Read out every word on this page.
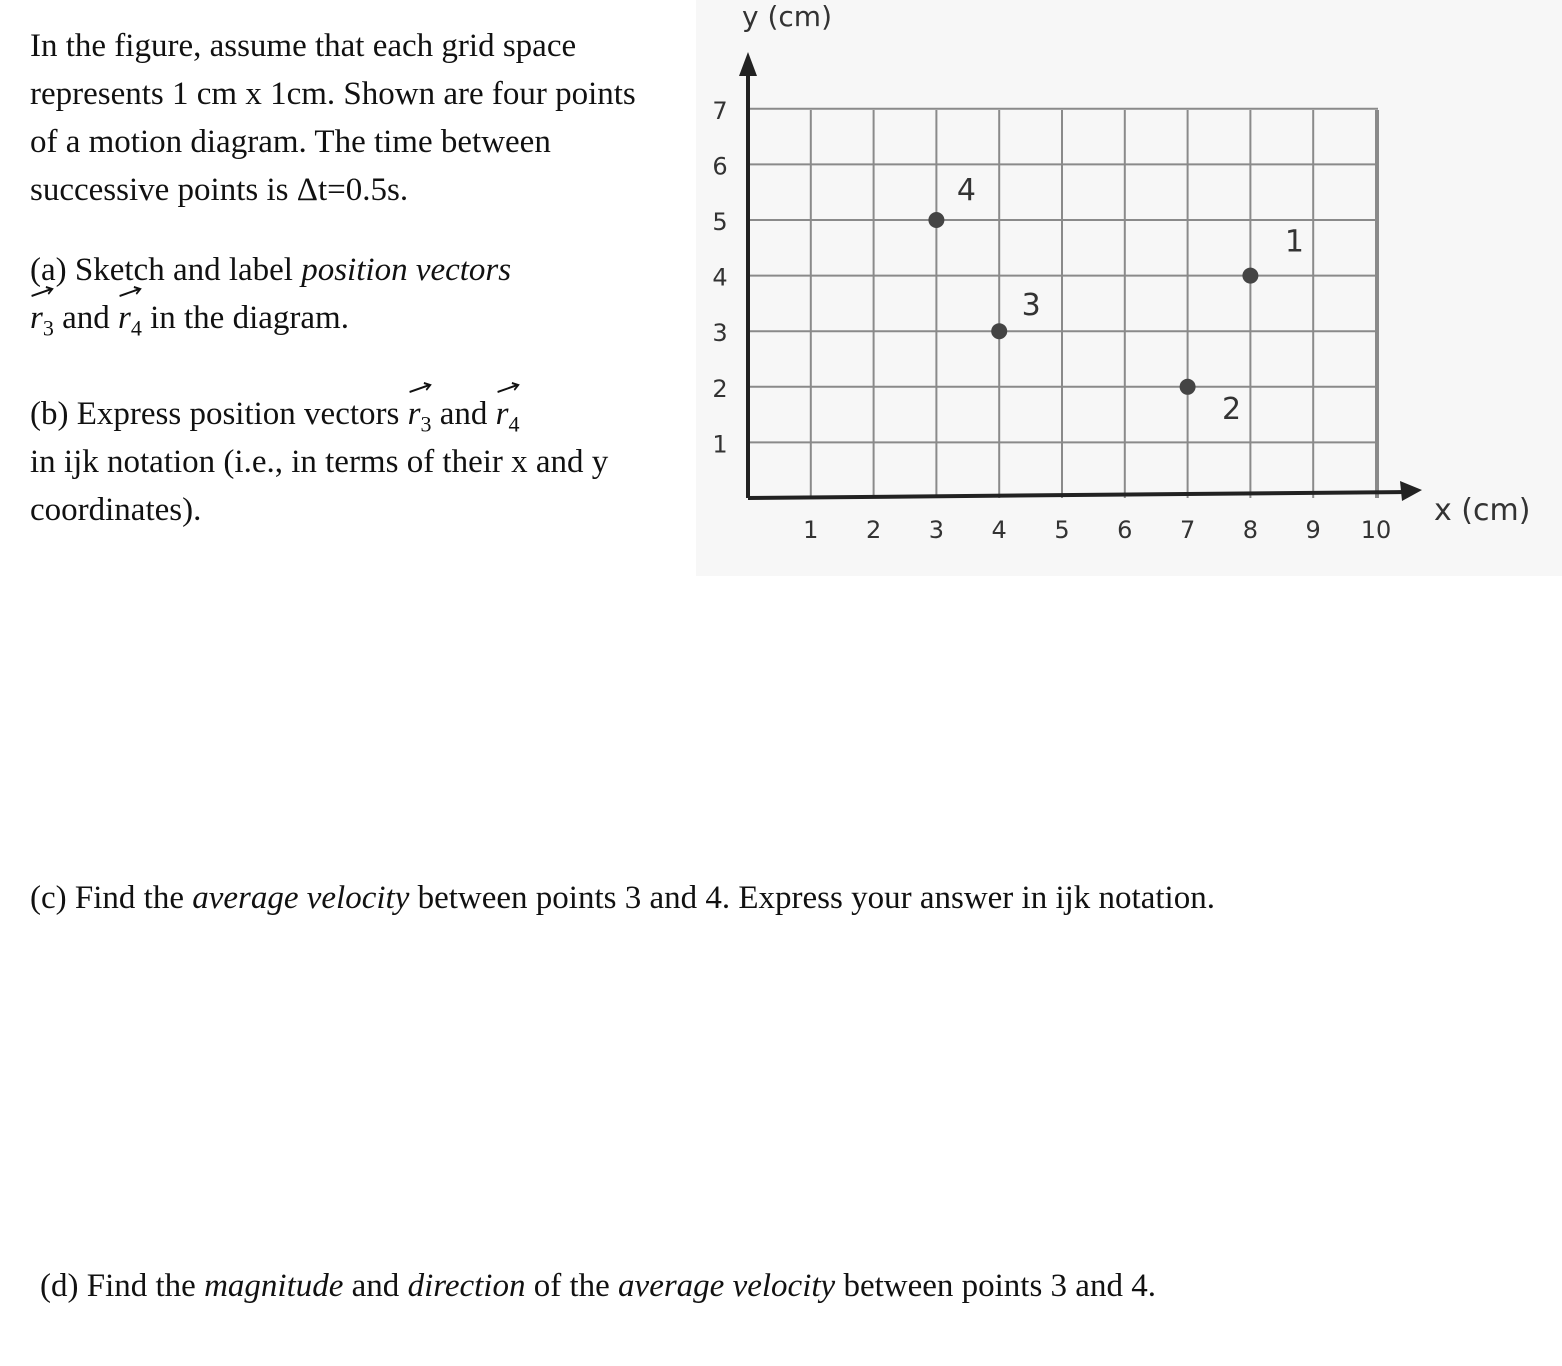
In the figure, assume that each grid space
represents 1 cm x 1cm. Shown are four points
of a motion diagram. The time between
successive points is Δt=0.5s.
(a) Sketch and label position vectors
$r_3$ and
$r_4$ in the diagram.
(b) Express position vectors
$r_3$ and
$r_4$
in ijk notation (i.e., in terms of their x and y
coordinates).
(c) Find the average velocity between points 3 and 4. Express your answer in ijk notation.
(d) Find the magnitude and direction of the average velocity between points 3 and 4.
1
2
3
4
5
6
7
1 2 3 4 5 6 7 8 9 10
1
2
3
4
y (cm)
x (cm)
